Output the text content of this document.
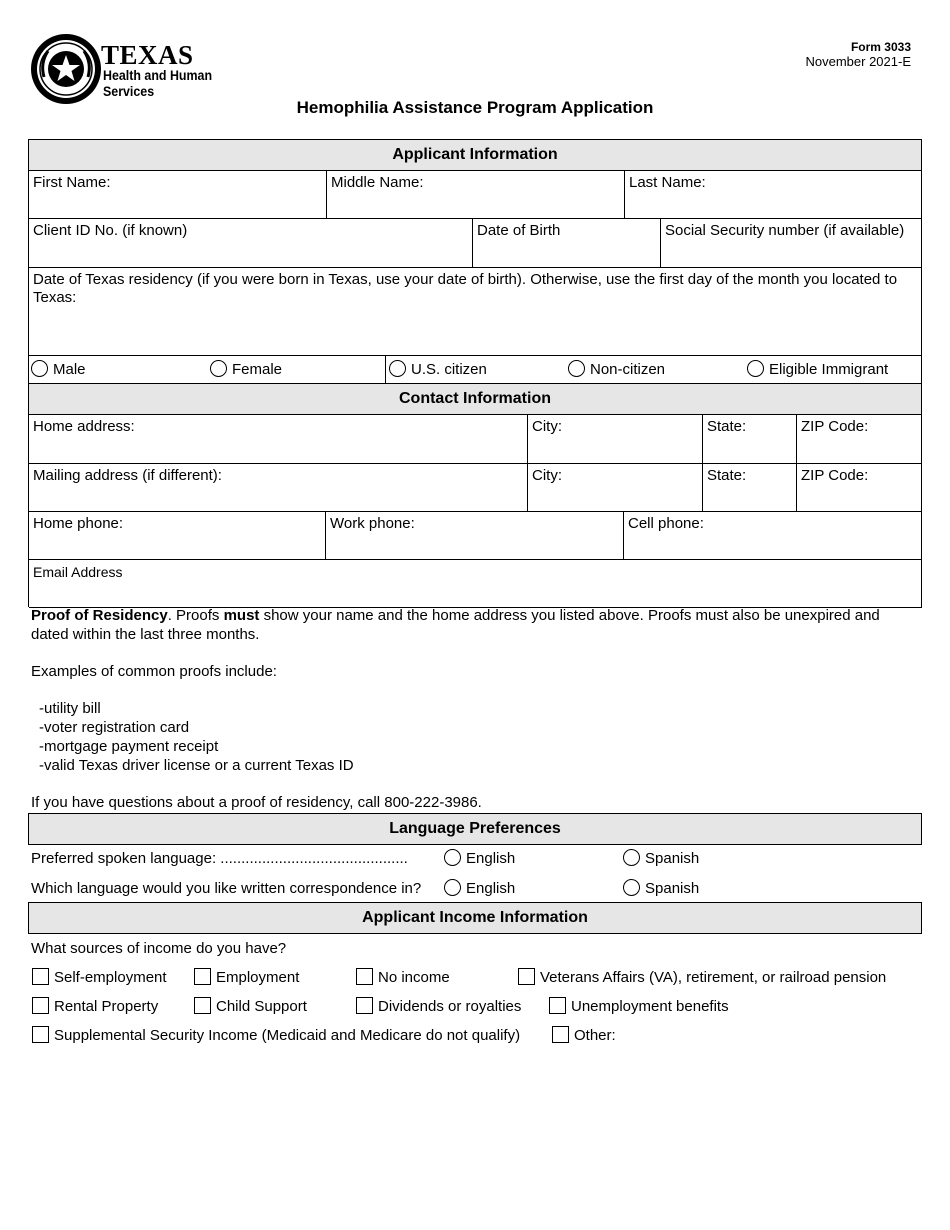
TEXAS
Health and Human
Services
Form 3033
November 2021-E
Hemophilia Assistance Program Application
Applicant Information
First Name:	Middle Name:	Last Name:
Client ID No. (if known)	Date of Birth	Social Security number (if available)
Date of Texas residency (if you were born in Texas, use your date of birth). Otherwise, use the first day of the month you located to Texas:
Male	Female	U.S. citizen	Non-citizen	Eligible Immigrant
Contact Information
Home address:	City:	State:	ZIP Code:
Mailing address (if different):	City:	State:	ZIP Code:
Home phone:	Work phone:	Cell phone:
Email Address
Proof of Residency. Proofs must show your name and the home address you listed above. Proofs must also be unexpired and dated within the last three months.
Examples of common proofs include:
-utility bill
-voter registration card
-mortgage payment receipt
-valid Texas driver license or a current Texas ID
If you have questions about a proof of residency, call 800-222-3986.
Language Preferences
Preferred spoken language: .............................................	English	Spanish
Which language would you like written correspondence in?	English	Spanish
Applicant Income Information
What sources of income do you have?
Self-employment	Employment	No income	Veterans Affairs (VA), retirement, or railroad pension
Rental Property	Child Support	Dividends or royalties	Unemployment benefits
Supplemental Security Income (Medicaid and Medicare do not qualify)	Other:
